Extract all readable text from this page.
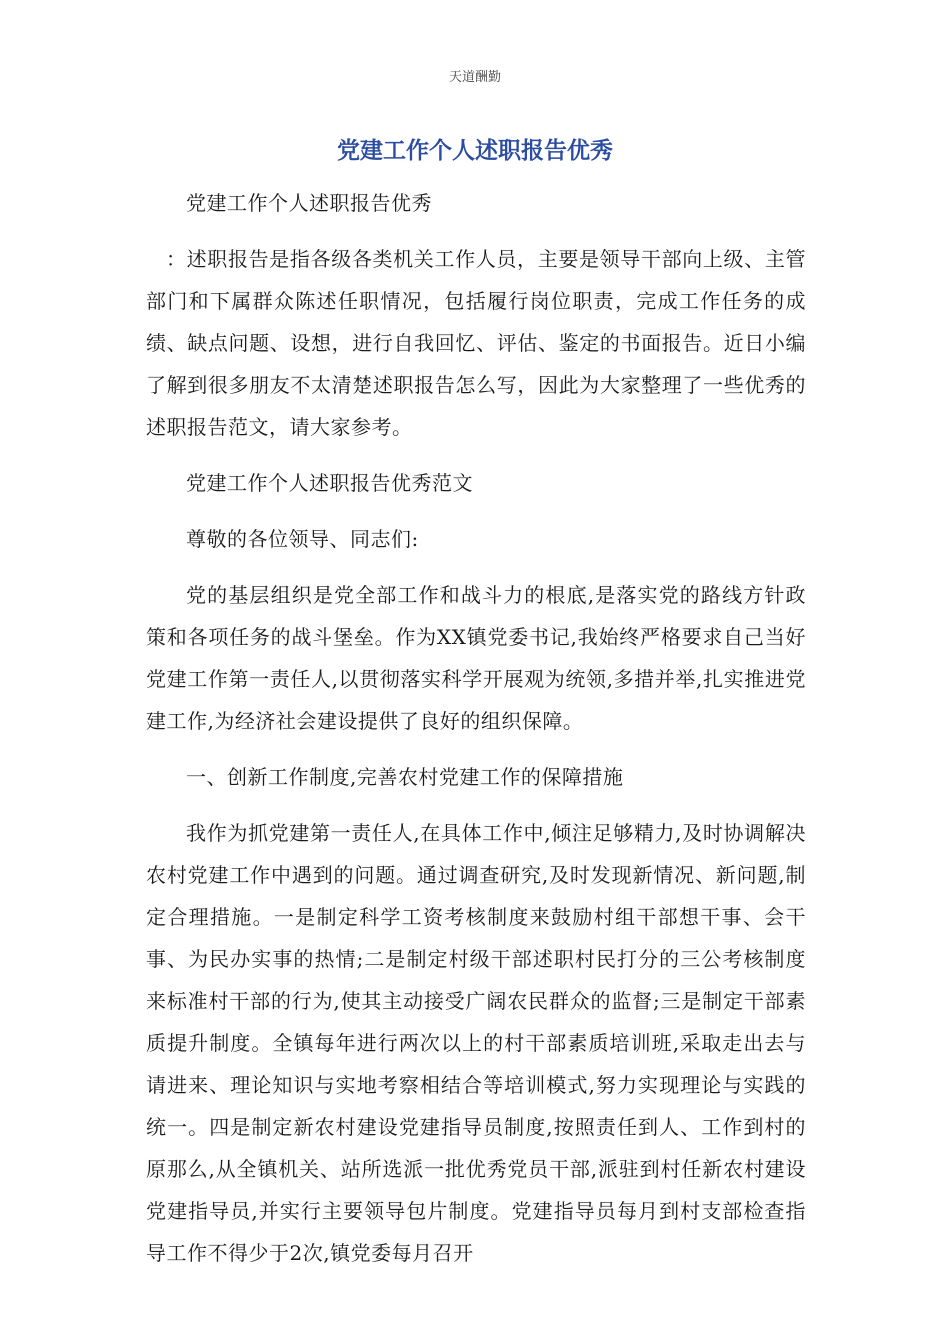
天道酬勤
党建工作个人述职报告优秀

党建工作个人述职报告优秀

：述职报告是指各级各类机关工作人员，主要是领导干部向上级、主管部门和下属群众陈述任职情况，包括履行岗位职责，完成工作任务的成绩、缺点问题、设想，进行自我回忆、评估、鉴定的书面报告。近日小编了解到很多朋友不太清楚述职报告怎么写，因此为大家整理了一些优秀的述职报告范文，请大家参考。

党建工作个人述职报告优秀范文

尊敬的各位领导、同志们:

党的基层组织是党全部工作和战斗力的根底,是落实党的路线方针政策和各项任务的战斗堡垒。作为XX镇党委书记,我始终严格要求自己当好党建工作第一责任人,以贯彻落实科学开展观为统领,多措并举,扎实推进党建工作,为经济社会建设提供了良好的组织保障。

一、创新工作制度,完善农村党建工作的保障措施

我作为抓党建第一责任人,在具体工作中,倾注足够精力,及时协调解决农村党建工作中遇到的问题。通过调查研究,及时发现新情况、新问题,制定合理措施。一是制定科学工资考核制度来鼓励村组干部想干事、会干事、为民办实事的热情;二是制定村级干部述职村民打分的三公考核制度来标准村干部的行为,使其主动接受广阔农民群众的监督;三是制定干部素质提升制度。全镇每年进行两次以上的村干部素质培训班,采取走出去与请进来、理论知识与实地考察相结合等培训模式,努力实现理论与实践的统一。四是制定新农村建设党建指导员制度,按照责任到人、工作到村的原那么,从全镇机关、站所选派一批优秀党员干部,派驻到村任新农村建设党建指导员,并实行主要领导包片制度。党建指导员每月到村支部检查指导工作不得少于2次,镇党委每月召开
